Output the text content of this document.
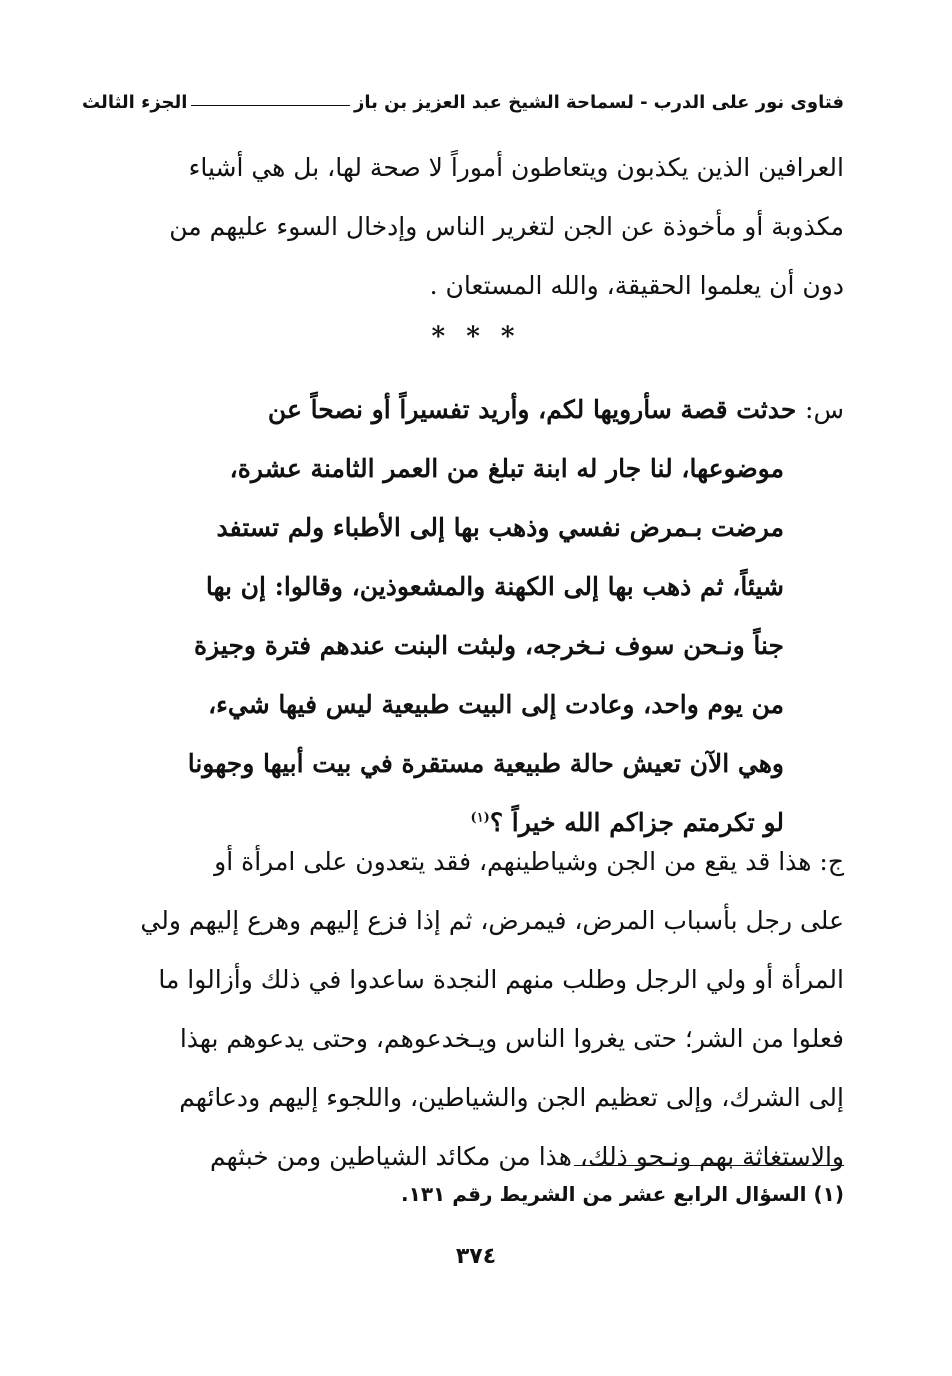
فتاوى نور على الدرب
- لسماحة الشيخ عبد العزيز بن باز
الجزء الثالث
العرافين الذين يكذبون ويتعاطون أموراً لا صحة لها، بل هي أشياء
مكذوبة أو مأخوذة عن الجن لتغرير الناس وإدخال السوء عليهم من
دون أن يعلموا الحقيقة، والله المستعان .
* * *
س: حدثت قصة سأرويها لكم، وأريد تفسيراً أو نصحاً عن
موضوعها، لنا جار له ابنة تبلغ من العمر الثامنة عشرة،
مرضت بـمرض نفسي وذهب بها إلى الأطباء ولم تستفد
شيئاً، ثم ذهب بها إلى الكهنة والمشعوذين، وقالوا: إن بها
جناً ونـحن سوف نـخرجه، ولبثت البنت عندهم فترة وجيزة
من يوم واحد، وعادت إلى البيت طبيعية ليس فيها شيء،
وهي الآن تعيش حالة طبيعية مستقرة في بيت أبيها وجهونا
لو تكرمتم جزاكم الله خيراً ؟$^{(١)}$
ج: هذا قد يقع من الجن وشياطينهم، فقد يتعدون على امرأة أو
على رجل بأسباب المرض، فيمرض، ثم إذا فزع إليهم وهرع إليهم ولي
المرأة أو ولي الرجل وطلب منهم النجدة ساعدوا في ذلك وأزالوا ما
فعلوا من الشر؛ حتى يغروا الناس ويـخدعوهم، وحتى يدعوهم بهذا
إلى الشرك، وإلى تعظيم الجن والشياطين، واللجوء إليهم ودعائهم
والاستغاثة بهم ونـحو ذلك، هذا من مكائد الشياطين ومن خبثهم
(١) السؤال الرابع عشر من الشريط رقم ١٣١.
٣٧٤
